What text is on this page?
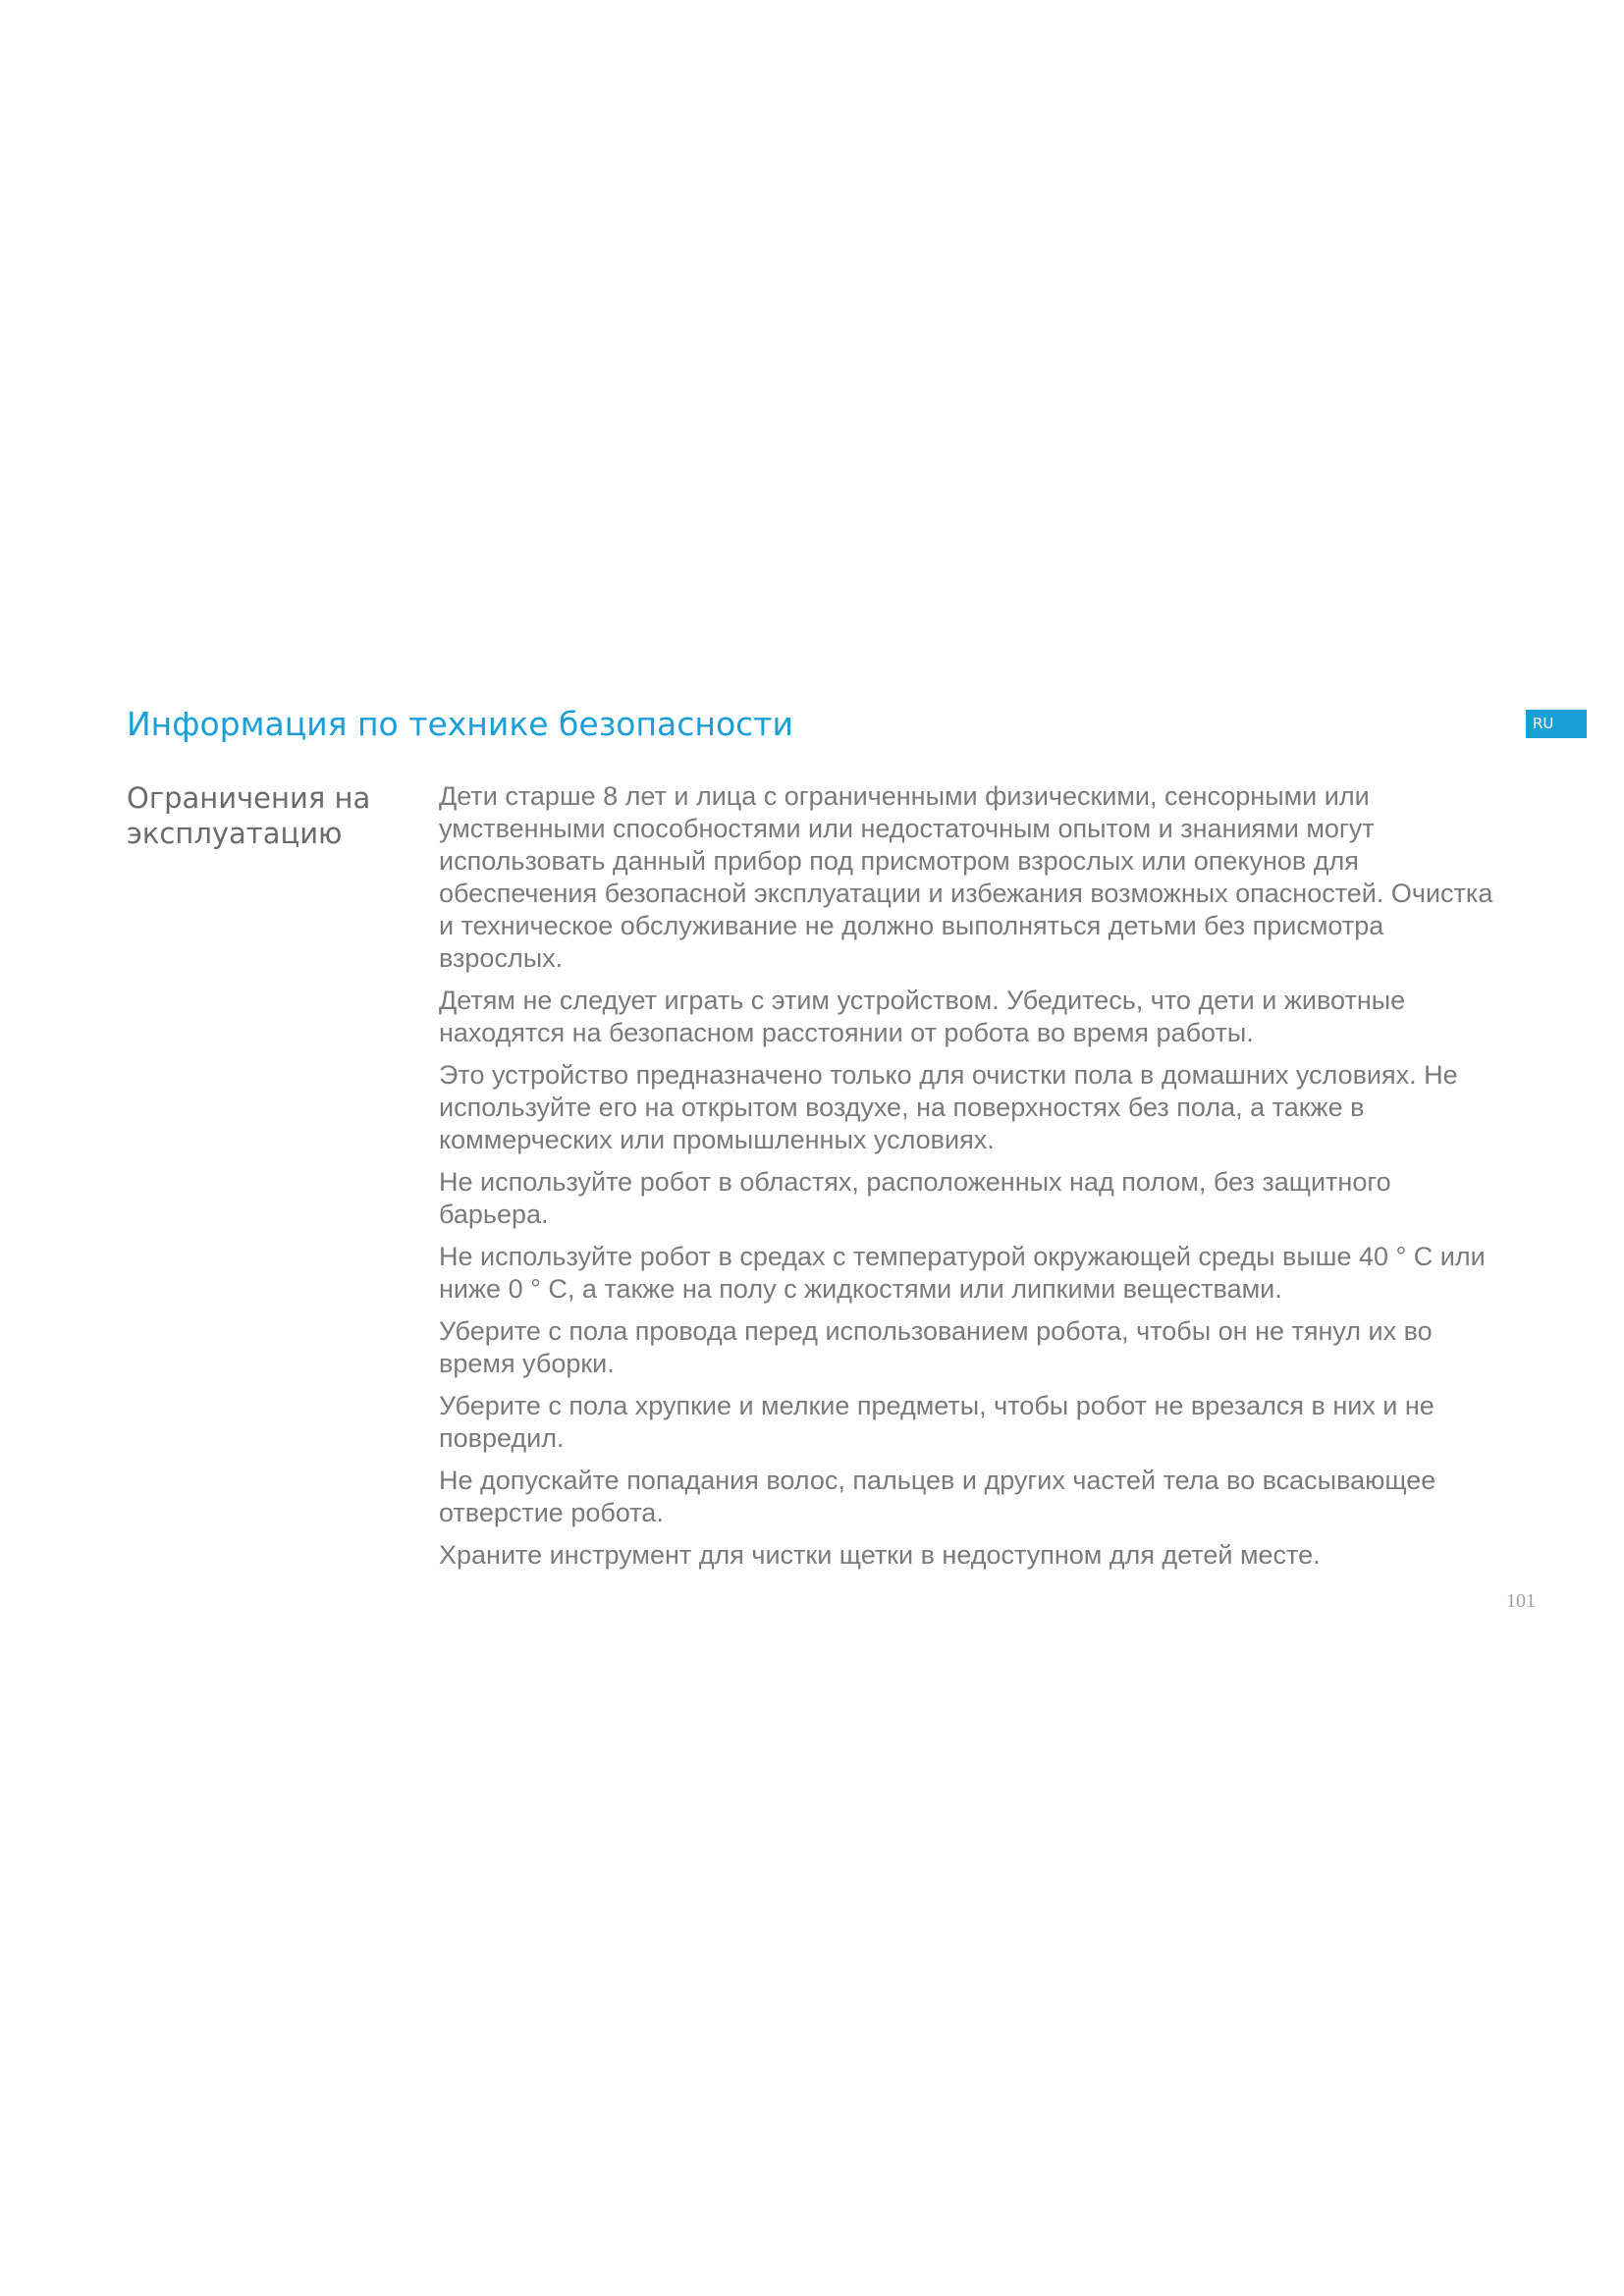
Информация по технике безопасности	RU
Ограничения на эксплуатацию

Дети старше 8 лет и лица с ограниченными физическими, сенсорными или умственными способностями или недостаточным опытом и знаниями могут использовать данный прибор под присмотром взрослых или опекунов для обеспечения безопасной эксплуатации и избежания возможных опасностей. Очистка и техническое обслуживание не должно выполняться детьми без присмотра взрослых.

Детям не следует играть с этим устройством. Убедитесь, что дети и животные находятся на безопасном расстоянии от робота во время работы.

Это устройство предназначено только для очистки пола в домашних условиях. Не используйте его на открытом воздухе, на поверхностях без пола, а также в коммерческих или промышленных условиях.

Не используйте робот в областях, расположенных над полом, без защитного барьера.

Не используйте робот в средах с температурой окружающей среды выше 40 ° C или ниже 0 ° C, а также на полу с жидкостями или липкими веществами.

Уберите с пола провода перед использованием робота, чтобы он не тянул их во время уборки.

Уберите с пола хрупкие и мелкие предметы, чтобы робот не врезался в них и не повредил.

Не допускайте попадания волос, пальцев и других частей тела во всасывающее отверстие робота.

Храните инструмент для чистки щетки в недоступном для детей месте.

101
